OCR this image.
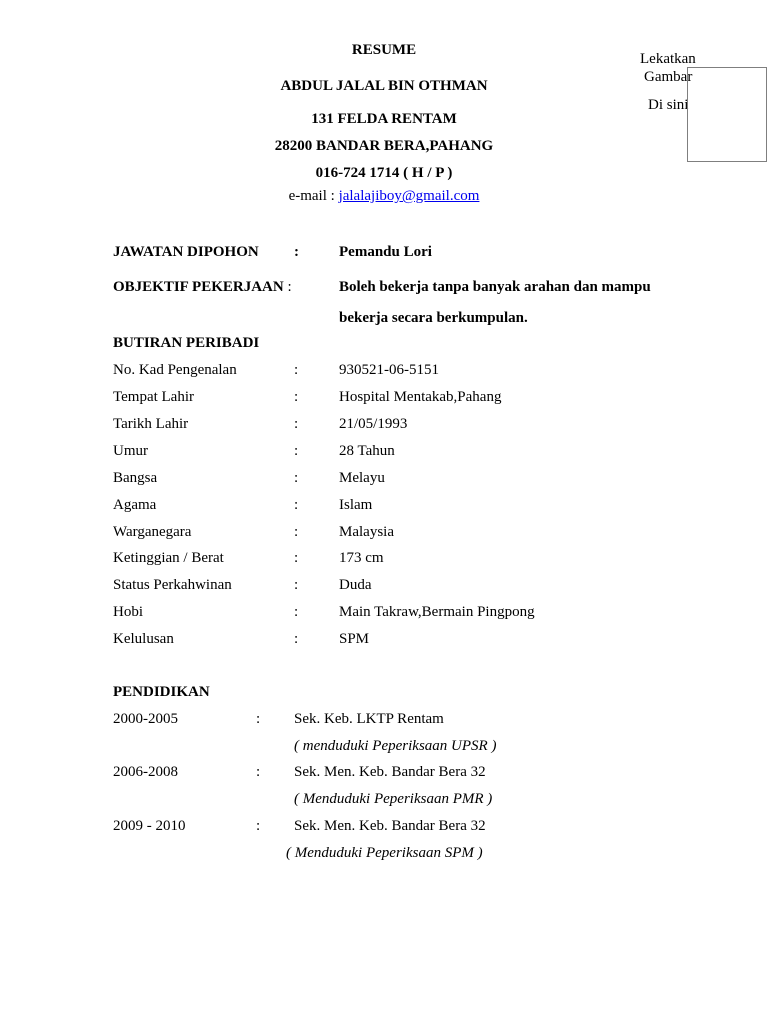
RESUME
ABDUL JALAL BIN OTHMAN
131 FELDA RENTAM
28200 BANDAR BERA,PAHANG
016-724 1714 ( H / P )
e-mail : jalalajiboy@gmail.com
Lekatkan
Gambar
Di sini
JAWATAN DIPOHON :	Pemandu Lori
OBJEKTIF PEKERJAAN :	Boleh bekerja tanpa banyak arahan dan mampu
bekerja secara berkumpulan.
BUTIRAN PERIBADI
No. Kad Pengenalan	:	930521-06-5151
Tempat Lahir	:	Hospital Mentakab,Pahang
Tarikh Lahir	:	21/05/1993
Umur	:	28 Tahun
Bangsa	:	Melayu
Agama	:	Islam
Warganegara	:	Malaysia
Ketinggian / Berat	:	173 cm
Status Perkahwinan	:	Duda
Hobi	:	Main Takraw,Bermain Pingpong
Kelulusan	:	SPM
PENDIDIKAN
2000-2005	: Sek. Keb. LKTP Rentam
( menduduki Peperiksaan UPSR )
2006-2008	: Sek. Men. Keb. Bandar Bera 32
( Menduduki Peperiksaan PMR )
2009 - 2010	: Sek. Men. Keb. Bandar Bera 32
( Menduduki Peperiksaan SPM )
